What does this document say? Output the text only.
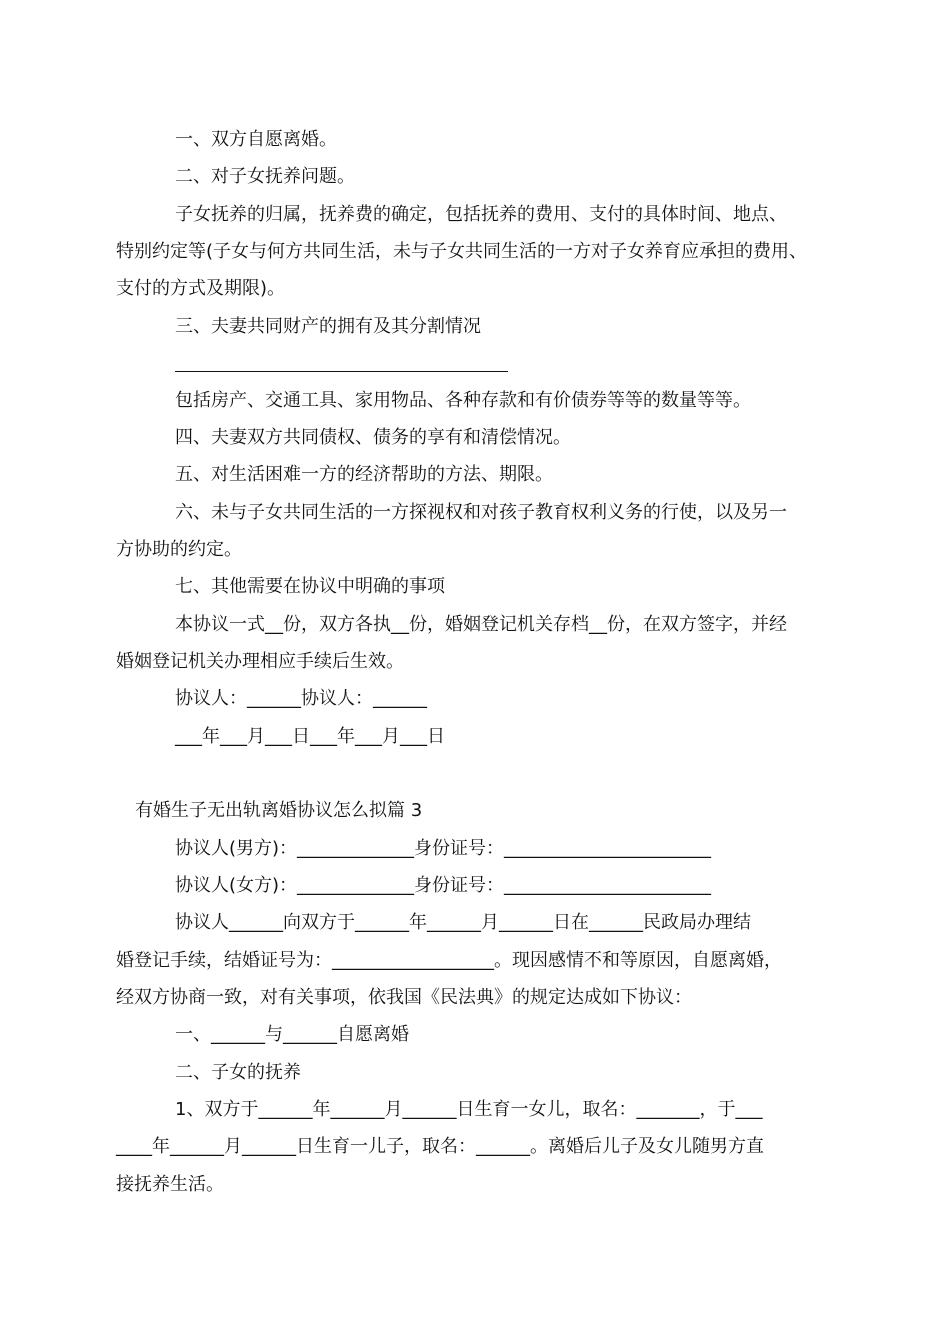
一、双方自愿离婚。
二、对子女抚养问题。
子女抚养的归属，抚养费的确定，包括抚养的费用、支付的具体时间、地点、
特别约定等(子女与何方共同生活，未与子女共同生活的一方对子女养育应承担的费用、
支付的方式及期限)。
三、夫妻共同财产的拥有及其分割情况
包括房产、交通工具、家用物品、各种存款和有价债券等等的数量等等。
四、夫妻双方共同债权、债务的享有和清偿情况。
五、对生活困难一方的经济帮助的方法、期限。
六、未与子女共同生活的一方探视权和对孩子教育权利义务的行使，以及另一
方协助的约定。
七、其他需要在协议中明确的事项
本协议一式__份，双方各执__份，婚姻登记机关存档__份，在双方签字，并经
婚姻登记机关办理相应手续后生效。
协议人：______协议人：______
___年___月___日___年___月___日
有婚生子无出轨离婚协议怎么拟篇 3
协议人(男方)：_____________身份证号：_______________________
协议人(女方)：_____________身份证号：_______________________
协议人______向双方于______年______月______日在______民政局办理结
婚登记手续，结婚证号为：__________________。现因感情不和等原因，自愿离婚，
经双方协商一致，对有关事项，依我国《民法典》的规定达成如下协议：
一、______与______自愿离婚
二、子女的抚养
1、双方于______年______月______日生育一女儿，取名：_______，于___
____年______月______日生育一儿子，取名：______。离婚后儿子及女儿随男方直
接抚养生活。
